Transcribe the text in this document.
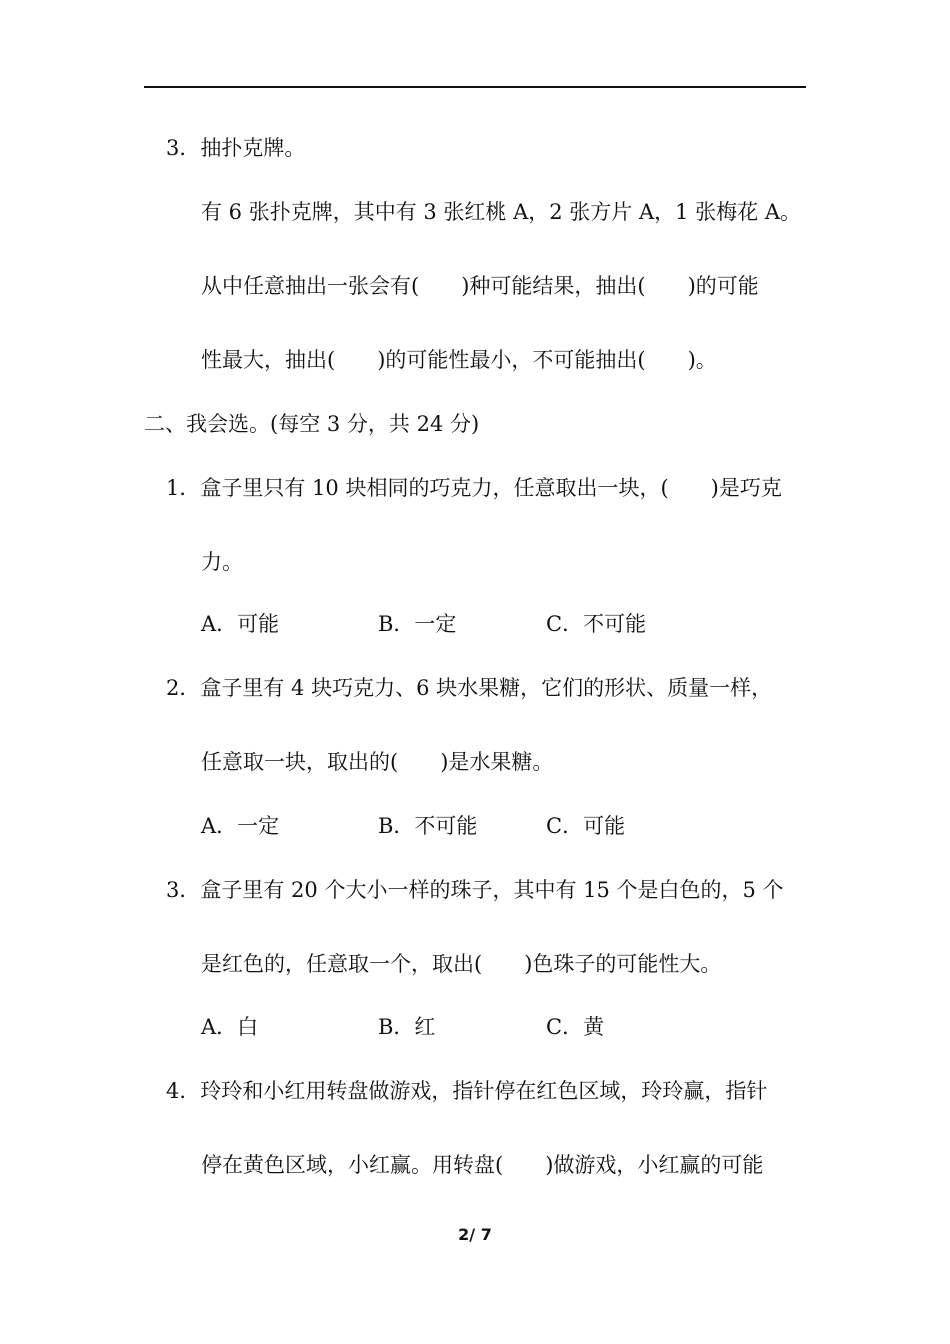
3．抽扑克牌。
有 6 张扑克牌，其中有 3 张红桃 A，2 张方片 A，1 张梅花 A。
从中任意抽出一张会有(　　)种可能结果，抽出(　　)的可能
性最大，抽出(　　)的可能性最小，不可能抽出(　　)。
二、我会选。(每空 3 分，共 24 分)
1．盒子里只有 10 块相同的巧克力，任意取出一块，(　　)是巧克
力。
A．可能	B．一定	C．不可能
2．盒子里有 4 块巧克力、6 块水果糖，它们的形状、质量一样，
任意取一块，取出的(　　)是水果糖。
A．一定	B．不可能	C．可能
3．盒子里有 20 个大小一样的珠子，其中有 15 个是白色的，5 个
是红色的，任意取一个，取出(　　)色珠子的可能性大。
A．白	B．红	C．黄
4．玲玲和小红用转盘做游戏，指针停在红色区域，玲玲赢，指针
停在黄色区域，小红赢。用转盘(　　)做游戏，小红赢的可能
2/ 7
